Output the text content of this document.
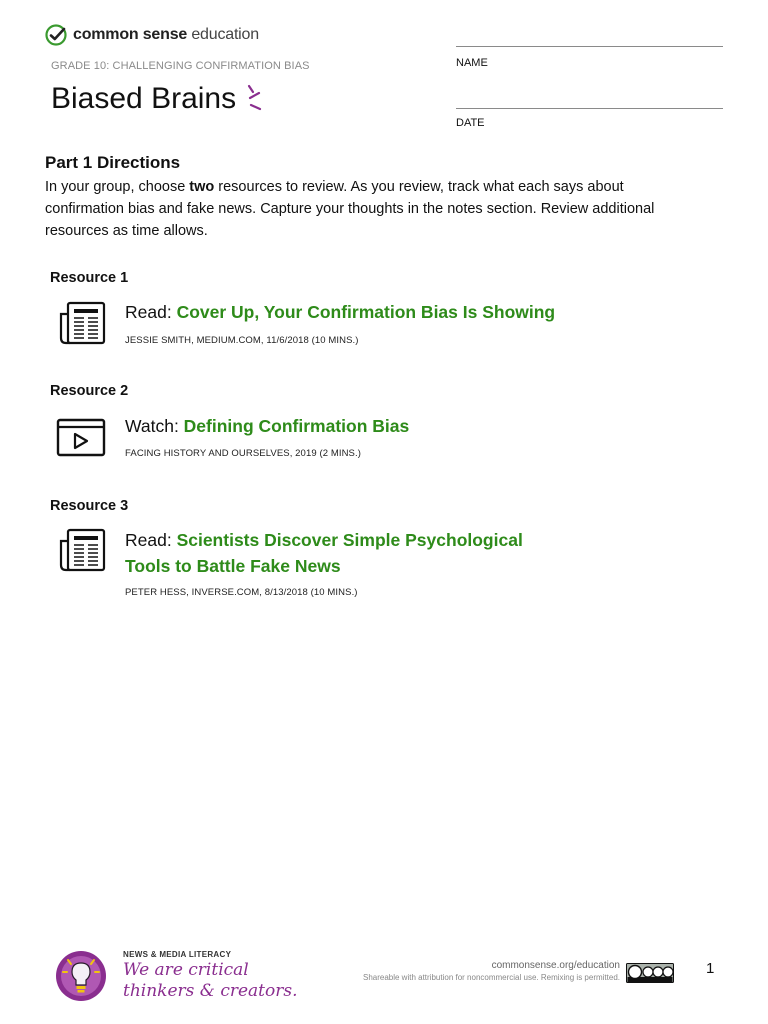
common sense education
GRADE 10: CHALLENGING CONFIRMATION BIAS
Biased Brains
NAME
DATE
Part 1 Directions
In your group, choose two resources to review. As you review, track what each says about confirmation bias and fake news. Capture your thoughts in the notes section. Review additional resources as time allows.
Resource 1
Read: Cover Up, Your Confirmation Bias Is Showing
JESSIE SMITH, MEDIUM.COM, 11/6/2018 (10 MINS.)
Resource 2
Watch: Defining Confirmation Bias
FACING HISTORY AND OURSELVES, 2019 (2 MINS.)
Resource 3
Read: Scientists Discover Simple Psychological Tools to Battle Fake News
PETER HESS, INVERSE.COM, 8/13/2018 (10 MINS.)
NEWS & MEDIA LITERACY
We are critical
thinkers & creators.
commonsense.org/education
Shareable with attribution for noncommercial use. Remixing is permitted.
1
